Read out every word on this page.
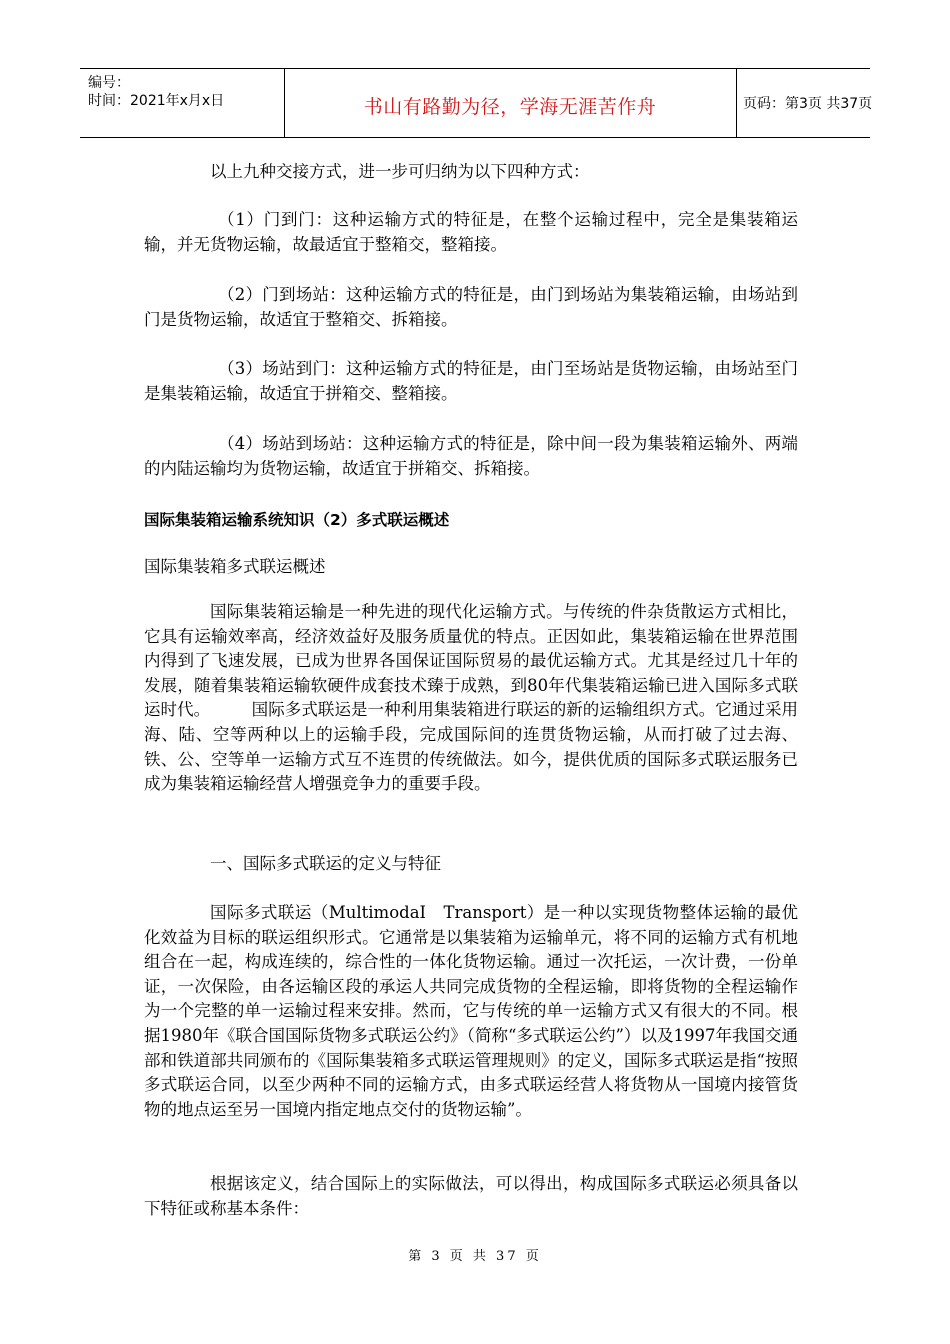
编号：
时间：2021年x月x日	书山有路勤为径，学海无涯苦作舟	页码：第3页 共37页

以上九种交接方式，进一步可归纳为以下四种方式：

（1）门到门：这种运输方式的特征是，在整个运输过程中，完全是集装箱运输，并无货物运输，故最适宜于整箱交，整箱接。

（2）门到场站：这种运输方式的特征是，由门到场站为集装箱运输，由场站到门是货物运输，故适宜于整箱交、拆箱接。

（3）场站到门：这种运输方式的特征是，由门至场站是货物运输，由场站至门是集装箱运输，故适宜于拼箱交、整箱接。

（4）场站到场站：这种运输方式的特征是，除中间一段为集装箱运输外、两端的内陆运输均为货物运输，故适宜于拼箱交、拆箱接。

国际集装箱运输系统知识（2）多式联运概述
国际集装箱多式联运概述

国际集装箱运输是一种先进的现代化运输方式。与传统的件杂货散运方式相比，它具有运输效率高，经济效益好及服务质量优的特点。正因如此，集装箱运输在世界范围内得到了飞速发展，已成为世界各国保证国际贸易的最优运输方式。尤其是经过几十年的发展，随着集装箱运输软硬件成套技术臻于成熟，到80年代集装箱运输已进入国际多式联运时代。　　　国际多式联运是一种利用集装箱进行联运的新的运输组织方式。它通过采用海、陆、空等两种以上的运输手段，完成国际间的连贯货物运输，从而打破了过去海、铁、公、空等单一运输方式互不连贯的传统做法。如今，提供优质的国际多式联运服务已成为集装箱运输经营人增强竞争力的重要手段。

一、国际多式联运的定义与特征

国际多式联运（MultimodaI　Transport）是一种以实现货物整体运输的最优化效益为目标的联运组织形式。它通常是以集装箱为运输单元，将不同的运输方式有机地组合在一起，构成连续的，综合性的一体化货物运输。通过一次托运，一次计费，一份单证，一次保险，由各运输区段的承运人共同完成货物的全程运输，即将货物的全程运输作为一个完整的单一运输过程来安排。然而，它与传统的单一运输方式又有很大的不同。根据1980年《联合国国际货物多式联运公约》（简称“多式联运公约”）以及1997年我国交通部和铁道部共同颁布的《国际集装箱多式联运管理规则》的定义，国际多式联运是指“按照多式联运合同，以至少两种不同的运输方式，由多式联运经营人将货物从一国境内接管货物的地点运至另一国境内指定地点交付的货物运输”。

根据该定义，结合国际上的实际做法，可以得出，构成国际多式联运必须具备以下特征或称基本条件：

第 3 页 共 37 页
